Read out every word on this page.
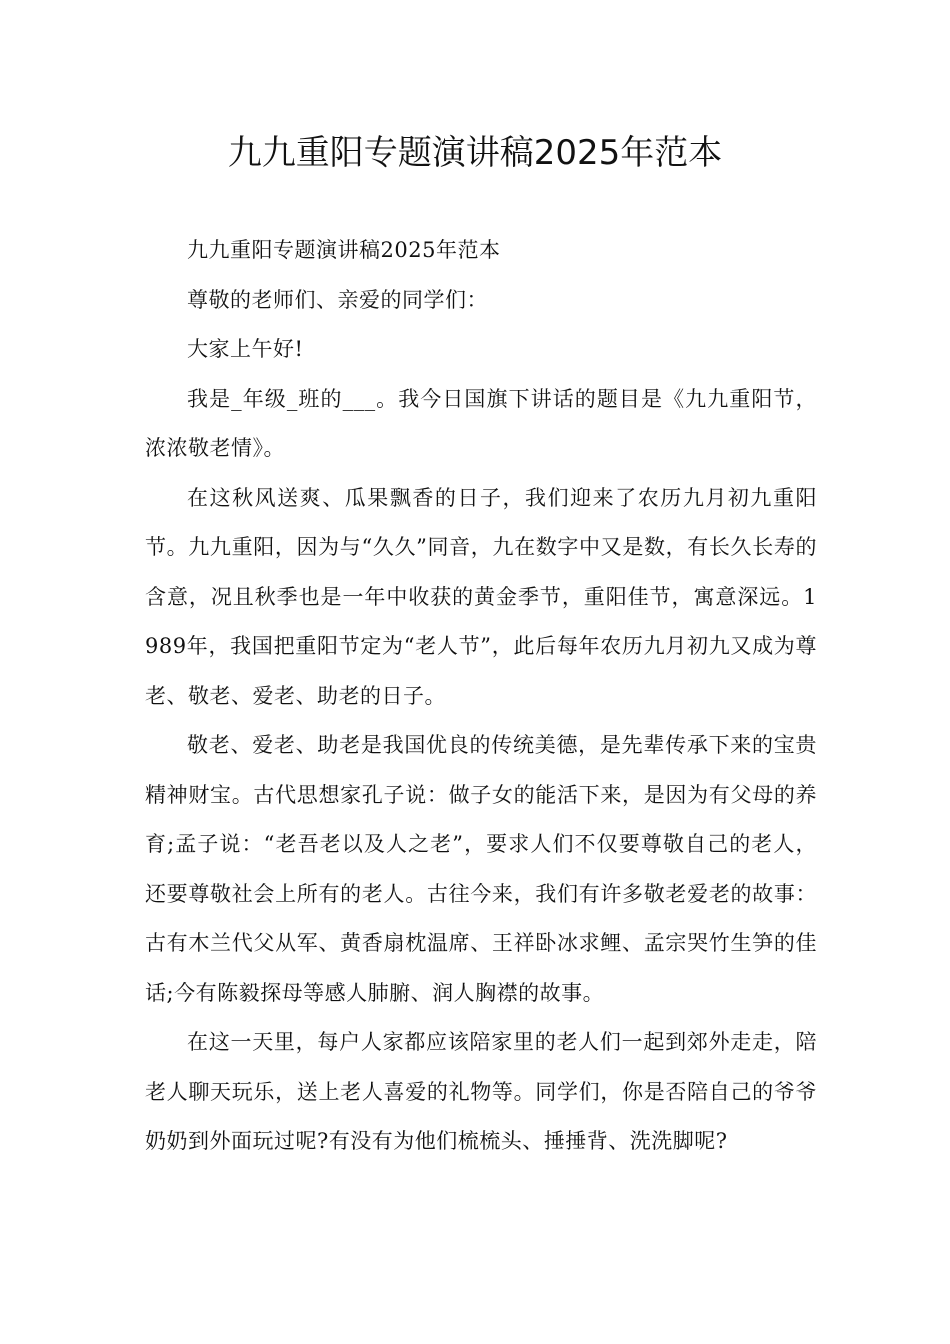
九九重阳专题演讲稿2025年范本

九九重阳专题演讲稿2025年范本

尊敬的老师们、亲爱的同学们：

大家上午好!

我是_年级_班的___。我今日国旗下讲话的题目是《九九重阳节，浓浓敬老情》。

在这秋风送爽、瓜果飘香的日子，我们迎来了农历九月初九重阳节。九九重阳，因为与“久久”同音，九在数字中又是数，有长久长寿的含意，况且秋季也是一年中收获的黄金季节，重阳佳节，寓意深远。1989年，我国把重阳节定为“老人节”，此后每年农历九月初九又成为尊老、敬老、爱老、助老的日子。

敬老、爱老、助老是我国优良的传统美德，是先辈传承下来的宝贵精神财宝。古代思想家孔子说：做子女的能活下来，是因为有父母的养育;孟子说：“老吾老以及人之老”，要求人们不仅要尊敬自己的老人，还要尊敬社会上所有的老人。古往今来，我们有许多敬老爱老的故事：古有木兰代父从军、黄香扇枕温席、王祥卧冰求鲤、孟宗哭竹生笋的佳话;今有陈毅探母等感人肺腑、润人胸襟的故事。

在这一天里，每户人家都应该陪家里的老人们一起到郊外走走，陪老人聊天玩乐，送上老人喜爱的礼物等。同学们，你是否陪自己的爷爷奶奶到外面玩过呢?有没有为他们梳梳头、捶捶背、洗洗脚呢?
